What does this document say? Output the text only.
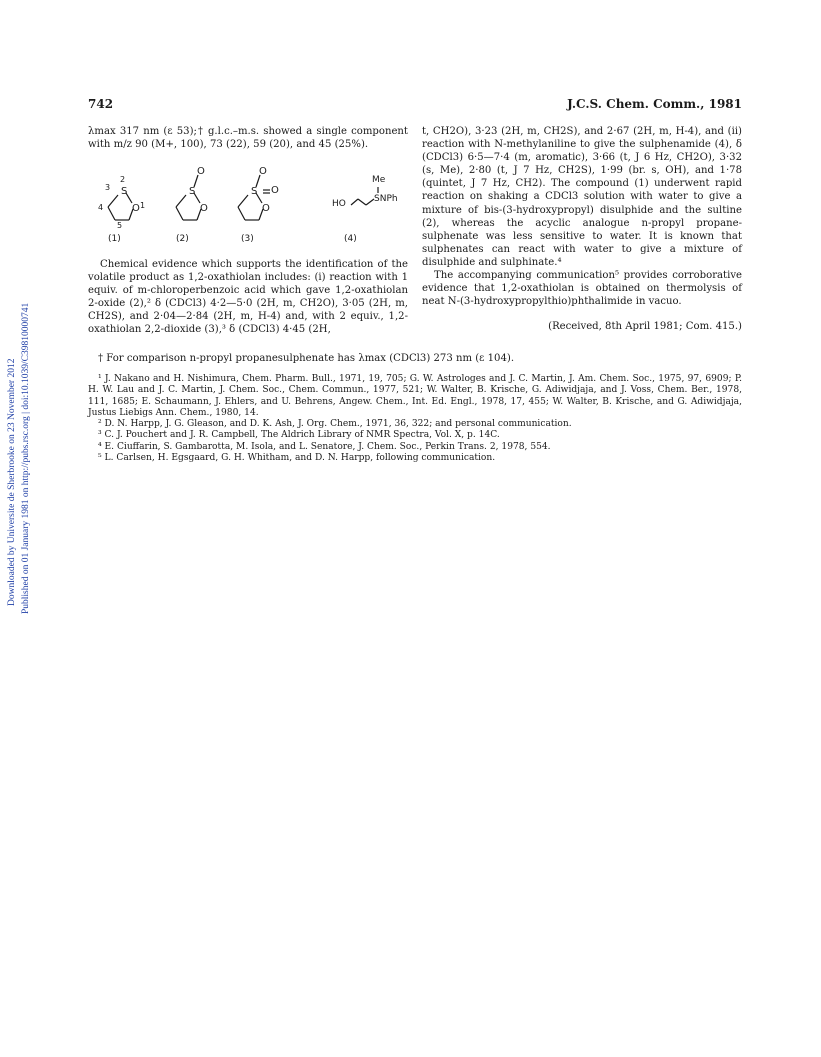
Downloaded by Universite de Sherbrooke on 23 November 2012 Published on 01 January 1981 on http://pubs.rsc.org | doi:10.1039/C39810000741
742	J.C.S. Chem. Comm., 1981

λmax 317 nm (ε 53);† g.l.c.–m.s. showed a single component with m/z 90 (M+, 100), 73 (22), 59 (20), and 45 (25%).

S
O
2
3
4
5
1
S
O
O
S
O
O
O
Me
HO	SNPh
(1)	(2)	(3)	(4)

Chemical evidence which supports the identification of the volatile product as 1,2-oxathiolan includes: (i) reaction with 1 equiv. of m-chloroperbenzoic acid which gave 1,2-oxathiolan 2-oxide (2),² δ (CDCl3) 4·2—5·0 (2H, m, CH2O), 3·05 (2H, m, CH2S), and 2·04—2·84 (2H, m, H-4) and, with 2 equiv., 1,2-oxathiolan 2,2-dioxide (3),³ δ (CDCl3) 4·45 (2H,

t, CH2O), 3·23 (2H, m, CH2S), and 2·67 (2H, m, H-4), and (ii) reaction with N-methylaniline to give the sulphenamide (4), δ (CDCl3) 6·5—7·4 (m, aromatic), 3·66 (t, J 6 Hz, CH2O), 3·32 (s, Me), 2·80 (t, J 7 Hz, CH2S), 1·99 (br. s, OH), and 1·78 (quintet, J 7 Hz, CH2). The compound (1) underwent rapid reaction on shaking a CDCl3 solution with water to give a mixture of bis-(3-hydroxypropyl) disulphide and the sultine (2), whereas the acyclic analogue n-propyl propane-sulphenate was less sensitive to water. It is known that sulphenates can react with water to give a mixture of disulphide and sulphinate.⁴

The accompanying communication⁵ provides corroborative evidence that 1,2-oxathiolan is obtained on thermolysis of neat N-(3-hydroxypropylthio)phthalimide in vacuo.

(Received, 8th April 1981; Com. 415.)

† For comparison n-propyl propanesulphenate has λmax (CDCl3) 273 nm (ε 104).

¹ J. Nakano and H. Nishimura, Chem. Pharm. Bull., 1971, 19, 705; G. W. Astrologes and J. C. Martin, J. Am. Chem. Soc., 1975, 97, 6909; P. H. W. Lau and J. C. Martin, J. Chem. Soc., Chem. Commun., 1977, 521; W. Walter, B. Krische, G. Adiwidjaja, and J. Voss, Chem. Ber., 1978, 111, 1685; E. Schaumann, J. Ehlers, and U. Behrens, Angew. Chem., Int. Ed. Engl., 1978, 17, 455; W. Walter, B. Krische, and G. Adiwidjaja, Justus Liebigs Ann. Chem., 1980, 14.

² D. N. Harpp, J. G. Gleason, and D. K. Ash, J. Org. Chem., 1971, 36, 322; and personal communication.

³ C. J. Pouchert and J. R. Campbell, The Aldrich Library of NMR Spectra, Vol. X, p. 14C.

⁴ E. Ciuffarin, S. Gambarotta, M. Isola, and L. Senatore, J. Chem. Soc., Perkin Trans. 2, 1978, 554.

⁵ L. Carlsen, H. Egsgaard, G. H. Whitham, and D. N. Harpp, following communication.
